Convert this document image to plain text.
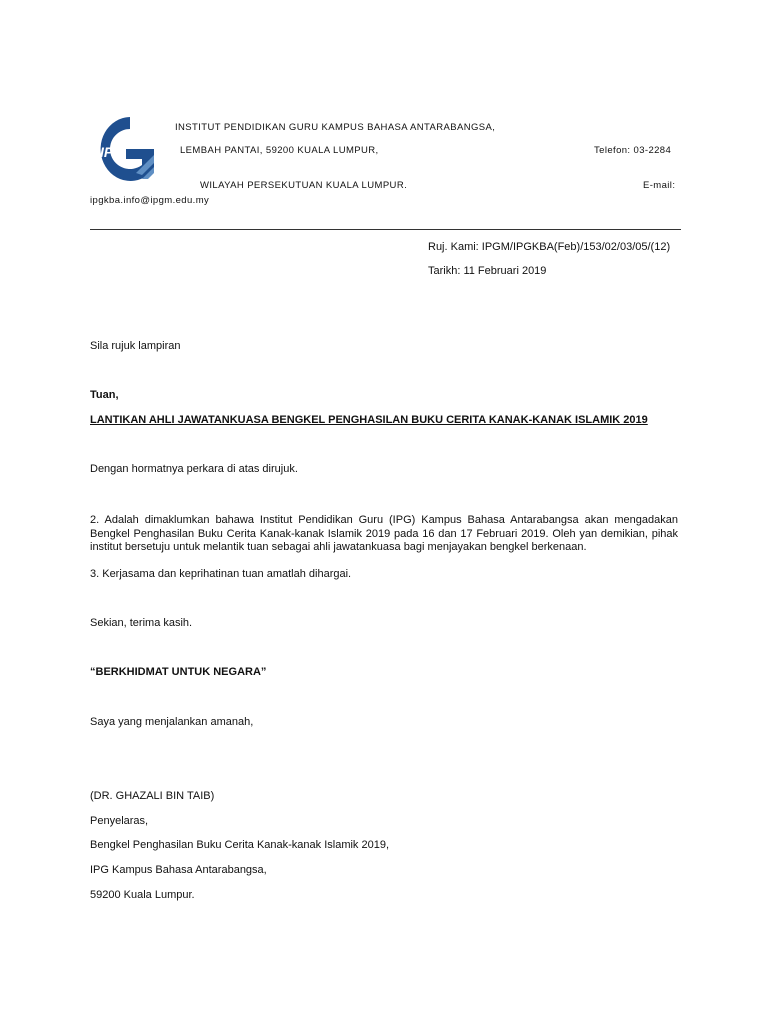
IPG
INSTITUT PENDIDIKAN GURU KAMPUS BAHASA ANTARABANGSA,
LEMBAH PANTAI, 59200 KUALA LUMPUR,	Telefon: 03-2284
WILAYAH PERSEKUTUAN KUALA LUMPUR.	E-mail:
ipgkba.info@ipgm.edu.my
Ruj. Kami: IPGM/IPGKBA(Feb)/153/02/03/05/(12)
Tarikh: 11 Februari 2019
Sila rujuk lampiran
Tuan,
LANTIKAN AHLI JAWATANKUASA BENGKEL PENGHASILAN BUKU CERITA KANAK-KANAK ISLAMIK 2019
Dengan hormatnya perkara di atas dirujuk.
2. Adalah dimaklumkan bahawa Institut Pendidikan Guru (IPG) Kampus Bahasa Antarabangsa akan mengadakan Bengkel Penghasilan Buku Cerita Kanak-kanak Islamik 2019 pada 16 dan 17 Februari 2019. Oleh yan demikian, pihak institut bersetuju untuk melantik tuan sebagai ahli jawatankuasa bagi menjayakan bengkel berkenaan.
3. Kerjasama dan keprihatinan tuan amatlah dihargai.
Sekian, terima kasih.
“BERKHIDMAT UNTUK NEGARA”
Saya yang menjalankan amanah,
(DR. GHAZALI BIN TAIB)
Penyelaras,
Bengkel Penghasilan Buku Cerita Kanak-kanak Islamik 2019,
IPG Kampus Bahasa Antarabangsa,
59200 Kuala Lumpur.
